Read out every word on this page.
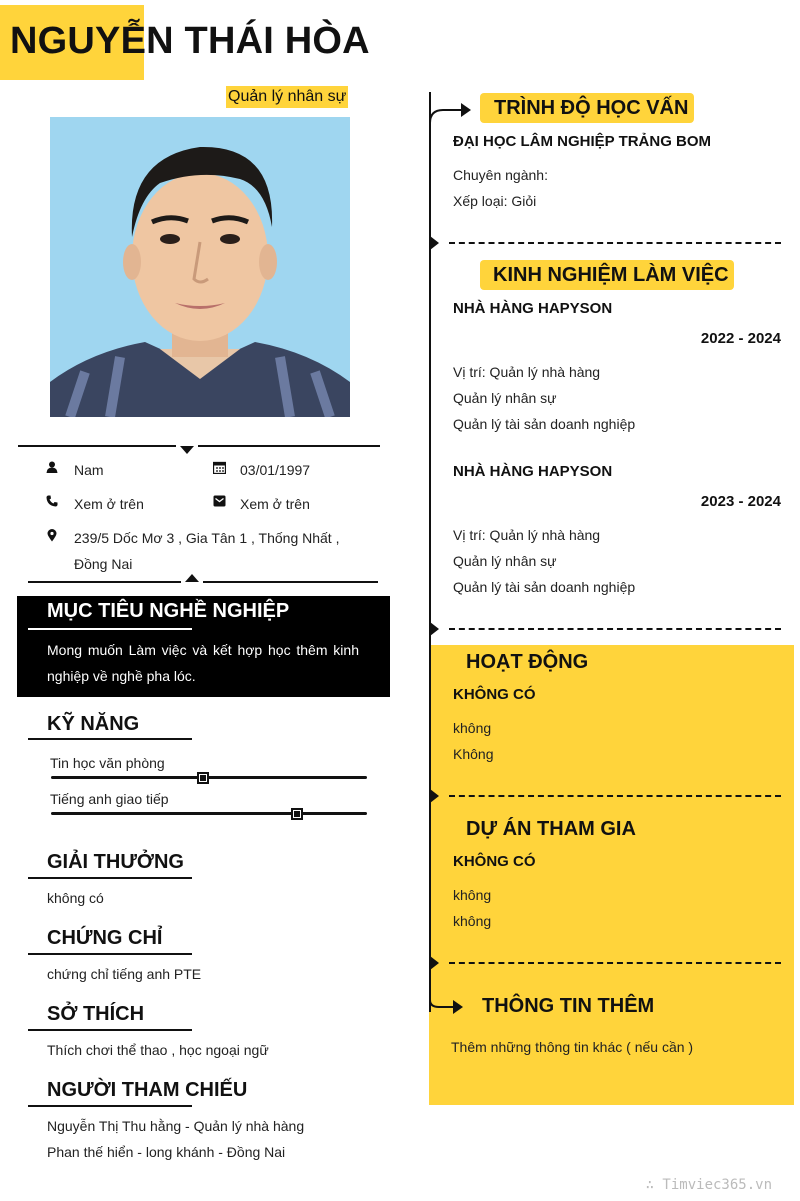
NGUYỄN THÁI HÒA
Quản lý nhân sự
Nam	03/01/1997
Xem ở trên	Xem ở trên
239/5 Dốc Mơ 3 , Gia Tân 1 , Thống Nhất ,
Đồng Nai
MỤC TIÊU NGHỀ NGHIỆP
Mong muốn Làm việc và kết hợp học thêm kinh nghiệp về nghề pha lóc.
KỸ NĂNG
Tin học văn phòng
Tiếng anh giao tiếp
GIẢI THƯỞNG
không có
CHỨNG CHỈ
chứng chỉ tiếng anh PTE
SỞ THÍCH
Thích chơi thể thao , học ngoại ngữ
NGƯỜI THAM CHIẾU
Nguyễn Thị Thu hằng - Quản lý nhà hàng
Phan thế hiển - long khánh - Đồng Nai
TRÌNH ĐỘ HỌC VẤN
ĐẠI HỌC LÂM NGHIỆP TRẢNG BOM
Chuyên ngành:
Xếp loại: Giỏi
KINH NGHIỆM LÀM VIỆC
NHÀ HÀNG HAPYSON
2022 - 2024
Vị trí: Quản lý nhà hàng
Quản lý nhân sự
Quản lý tài sản doanh nghiệp
NHÀ HÀNG HAPYSON
2023 - 2024
Vị trí: Quản lý nhà hàng
Quản lý nhân sự
Quản lý tài sản doanh nghiệp
HOẠT ĐỘNG
KHÔNG CÓ
không
Không
DỰ ÁN THAM GIA
KHÔNG CÓ
không
không
THÔNG TIN THÊM
Thêm những thông tin khác ( nếu cần )
∴ Timviec365.vn
